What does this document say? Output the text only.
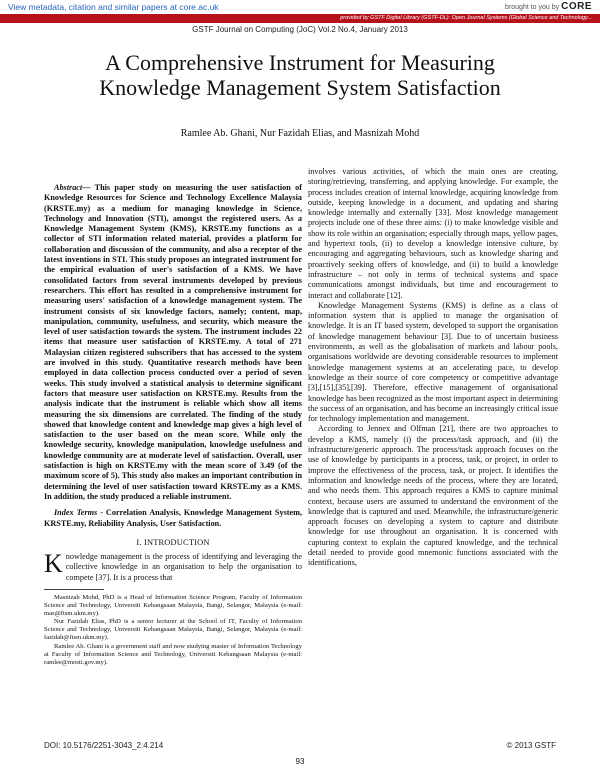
View metadata, citation and similar papers at core.ac.uk	brought to you by CORE
provided by GSTF Digital Library (GSTF-DL): Open Journal Systems (Global Science and Technology...
GSTF Journal on Computing (JoC) Vol.2 No.4, January 2013
A Comprehensive Instrument for Measuring
Knowledge Management System Satisfaction
Ramlee Ab. Ghani, Nur Fazidah Elias, and Masnizah Mohd

Abstract— This paper study on measuring the user satisfaction of Knowledge Resources for Science and Technology Excellence Malaysia (KRSTE.my) as a medium for managing knowledge in Science, Technology and Innovation (STI), amongst the registered users. As a Knowledge Management System (KMS), KRSTE.my functions as a collector of STI information related material, provides a platform for collaboration and discussion of the community, and also a receptor of the latest inventions in STI. This study proposes an integrated instrument for the empirical evaluation of user's satisfaction of a KMS. We have consolidated factors from several instruments developed by previous researchers. This effort has resulted in a comprehensive instrument for measuring users' satisfaction of a knowledge management system. The instrument consists of six knowledge factors, namely; content, map, manipulation, community, usefulness, and security, which measure the level of user satisfaction towards the system. The instrument includes 22 items that measure user satisfaction of KRSTE.my. A total of 271 Malaysian citizen registered subscribers that has accessed to the system are involved in this study. Quantitative research methods have been employed in data collection process conducted over a period of seven weeks. This study involved a statistical analysis to determine significant factors that measure user satisfaction on KRSTE.my. Results from the analysis indicate that the instrument is reliable which show all items measuring the six dimensions are correlated. The finding of the study showed that knowledge content and knowledge map gives a high level of satisfaction to the user based on the mean score. While only the knowledge security, knowledge manipulation, knowledge usefulness and knowledge community are at moderate level of satisfaction. Overall, user satisfaction is high on KRSTE.my with the mean score of 3.49 (of the maximum score of 5). This study also makes an important contribution in determining the level of user satisfaction toward KRSTE.my as a KMS. In addition, the study produced a reliable instrument.

Index Terms - Correlation Analysis, Knowledge Management System, KRSTE.my, Reliability Analysis, User Satisfaction.

I. INTRODUCTION

Knowledge management is the process of identifying and leveraging the collective knowledge in an organisation to help the organisation to compete [37]. It is a process that

Masnizah Mohd, PhD is a Head of Information Science Program, Faculty of Information Science and Technology, Universiti Kebangsaan Malaysia, Bangi, Selangor, Malaysia (e-mail: mas@ftsm.ukm.my).

Nur Fazidah Elias, PhD is a senior lecturer at the School of IT, Faculty of Information Science and Technology, Universiti Kebangsaan Malaysia, Bangi, Selangor, Malaysia (e-mail: fazidah@ftsm.ukm.my).

Ramlee Ab. Ghani is a government staff and now studying master of Information Technology at Faculty of Information Science and Technology, Universiti Kebangsaan Malaysia (e-mail: ramlee@mosti.gov.my).

involves various activities, of which the main ones are creating, storing/retrieving, transferring, and applying knowledge. For example, the process includes creation of internal knowledge, acquiring knowledge from outside, keeping knowledge in a document, and updating and sharing knowledge internally and externally [33]. Most knowledge management projects include one of these three aims: (i) to make knowledge visible and show its role within an organisation; especially through maps, yellow pages, and hypertext tools, (ii) to develop a knowledge intensive culture, by encouraging and aggregating behaviours, such as knowledge sharing and proactively seeking offers of knowledge, and (ii) to build a knowledge infrastructure – not only in terms of technical systems and space communications amongst individuals, but time and encouragement to interact and collaborate [12].

Knowledge Management Systems (KMS) is define as a class of information system that is applied to manage the organisation of knowledge. It is an IT based system, developed to support the organisation of knowledge management behaviour [3]. Due to of uncertain business environments, as well as the globalisation of markets and labour pools, organisations worldwide are devoting considerable resources to implement knowledge management systems at an accelerating pace, to develop knowledge as their source of core competency or competitive advantage [3],[15],[35],[39]. Therefore, effective management of organisational knowledge has been recognized as the most important aspect in determining the success of an organisation, and has become an increasingly critical issue for technology implementation and management.

According to Jennex and Olfman [21], there are two approaches to develop a KMS, namely (i) the process/task approach, and (ii) the infrastructure/generic approach. The process/task approach focuses on the use of knowledge by participants in a process, task, or project, in order to improve the effectiveness of the process, task, or project. It identifies the information and knowledge needs of the process, where they are located, and who needs them. This approach requires a KMS to capture minimal context, because users are assumed to understand the environment of the knowledge that is captured and used. Meanwhile, the infrastructure/generic approach focuses on developing a system to capture and distribute knowledge for use throughout an organisation. It is concerned with capturing context to explain the captured knowledge, and the technical detail needed to provide good mnemonic functions associated with the identifications,

DOI: 10.5176/2251-3043_2.4.214	© 2013 GSTF
93
